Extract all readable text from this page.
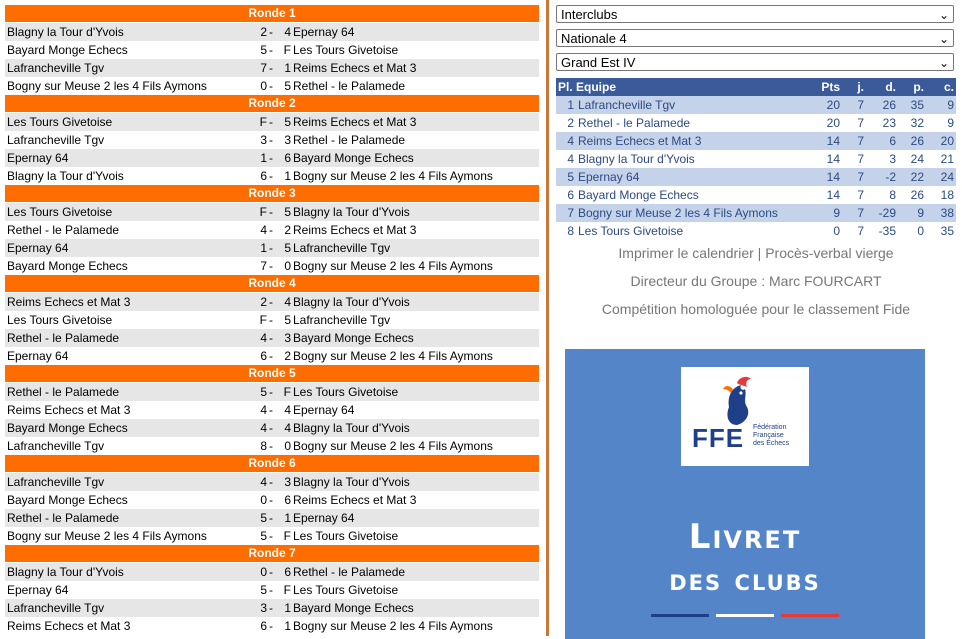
Ronde 1
Blagny la Tour d'Yvois	2 - 4 Epernay 64
Bayard Monge Echecs	5 - F Les Tours Givetoise
Lafrancheville Tgv	7 - 1 Reims Echecs et Mat 3
Bogny sur Meuse 2 les 4 Fils Aymons	0 - 5 Rethel - le Palamede
Ronde 2
Les Tours Givetoise	F - 5 Reims Echecs et Mat 3
Lafrancheville Tgv	3 - 3 Rethel - le Palamede
Epernay 64	1 - 6 Bayard Monge Echecs
Blagny la Tour d'Yvois	6 - 1 Bogny sur Meuse 2 les 4 Fils Aymons
Ronde 3
Les Tours Givetoise	F - 5 Blagny la Tour d'Yvois
Rethel - le Palamede	4 - 2 Reims Echecs et Mat 3
Epernay 64	1 - 5 Lafrancheville Tgv
Bayard Monge Echecs	7 - 0 Bogny sur Meuse 2 les 4 Fils Aymons
Ronde 4
Reims Echecs et Mat 3	2 - 4 Blagny la Tour d'Yvois
Les Tours Givetoise	F - 5 Lafrancheville Tgv
Rethel - le Palamede	4 - 3 Bayard Monge Echecs
Epernay 64	6 - 2 Bogny sur Meuse 2 les 4 Fils Aymons
Ronde 5
Rethel - le Palamede	5 - F Les Tours Givetoise
Reims Echecs et Mat 3	4 - 4 Epernay 64
Bayard Monge Echecs	4 - 4 Blagny la Tour d'Yvois
Lafrancheville Tgv	8 - 0 Bogny sur Meuse 2 les 4 Fils Aymons
Ronde 6
Lafrancheville Tgv	4 - 3 Blagny la Tour d'Yvois
Bayard Monge Echecs	0 - 6 Reims Echecs et Mat 3
Rethel - le Palamede	5 - 1 Epernay 64
Bogny sur Meuse 2 les 4 Fils Aymons	5 - F Les Tours Givetoise
Ronde 7
Blagny la Tour d'Yvois	0 - 6 Rethel - le Palamede
Epernay 64	5 - F Les Tours Givetoise
Lafrancheville Tgv	3 - 1 Bayard Monge Echecs
Reims Echecs et Mat 3	6 - 1 Bogny sur Meuse 2 les 4 Fils Aymons
Interclubs	⌄
Nationale 4	⌄
Grand Est IV	⌄
Pl. Equipe	Pts	j.	d.	p.	c.
1 Lafrancheville Tgv	20	7	26	35	9
2 Rethel - le Palamede	20	7	23	32	9
4 Reims Echecs et Mat 3	14	7	6	26	20
4 Blagny la Tour d'Yvois	14	7	3	24	21
5 Epernay 64	14	7	-2	22	24
6 Bayard Monge Echecs	14	7	8	26	18
7 Bogny sur Meuse 2 les 4 Fils Aymons	9	7	-29	9	38
8 Les Tours Givetoise	0	7	-35	0	35
Imprimer le calendrier | Procès-verbal vierge
Directeur du Groupe : Marc FOURCART
Compétition homologuée pour le classement Fide
FFE Fédération
Française
des Échecs
Livret
des clubs
